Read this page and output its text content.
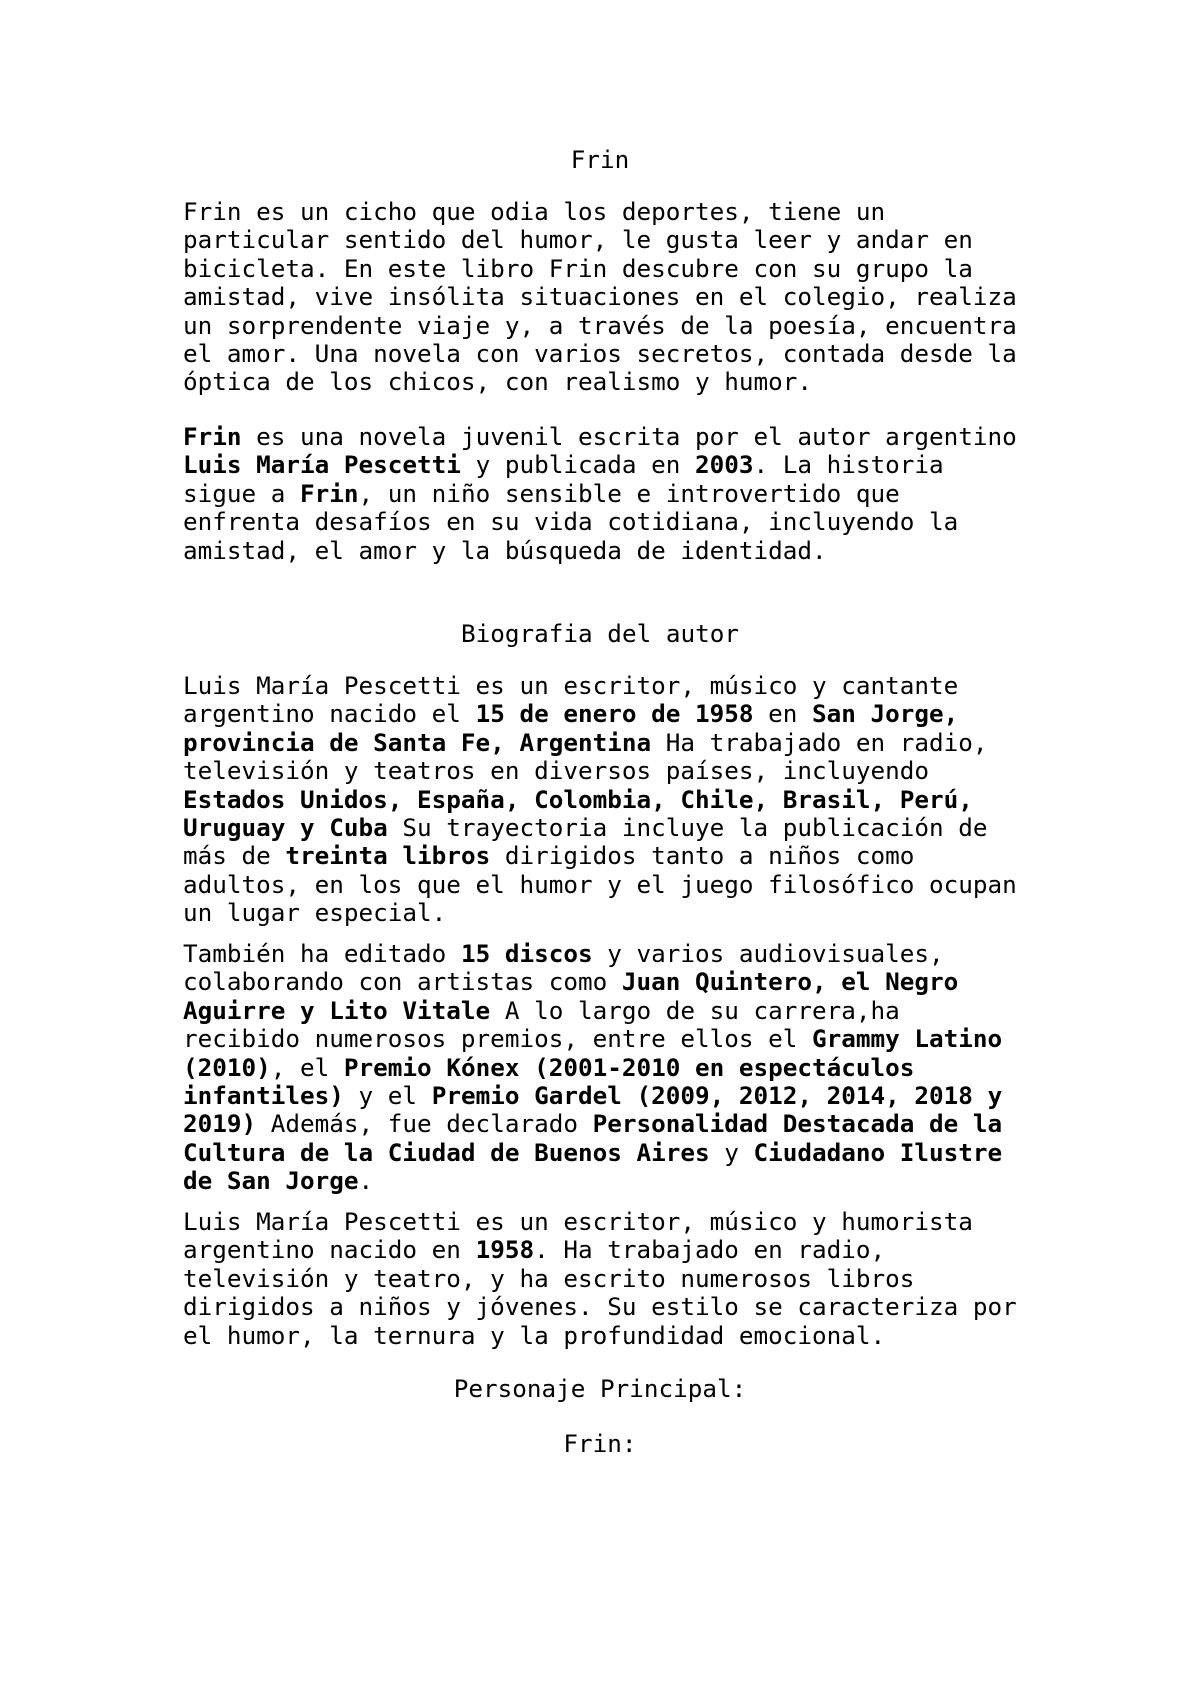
Frin
Frin es un cicho que odia los deportes, tiene un
particular sentido del humor, le gusta leer y andar en
bicicleta. En este libro Frin descubre con su grupo la
amistad, vive insólita situaciones en el colegio, realiza
un sorprendente viaje y, a través de la poesía, encuentra
el amor. Una novela con varios secretos, contada desde la
óptica de los chicos, con realismo y humor.
Frin es una novela juvenil escrita por el autor argentino
Luis María Pescetti y publicada en 2003. La historia
sigue a Frin, un niño sensible e introvertido que
enfrenta desafíos en su vida cotidiana, incluyendo la
amistad, el amor y la búsqueda de identidad.
Biografia del autor
Luis María Pescetti es un escritor, músico y cantante
argentino nacido el 15 de enero de 1958 en San Jorge,
provincia de Santa Fe, Argentina Ha trabajado en radio,
televisión y teatros en diversos países, incluyendo
Estados Unidos, España, Colombia, Chile, Brasil, Perú,
Uruguay y Cuba Su trayectoria incluye la publicación de
más de treinta libros dirigidos tanto a niños como
adultos, en los que el humor y el juego filosófico ocupan
un lugar especial.
También ha editado 15 discos y varios audiovisuales,
colaborando con artistas como Juan Quintero, el Negro
Aguirre y Lito Vitale A lo largo de su carrera,ha
recibido numerosos premios, entre ellos el Grammy Latino
(2010), el Premio Kónex (2001-2010 en espectáculos
infantiles) y el Premio Gardel (2009, 2012, 2014, 2018 y
2019) Además, fue declarado Personalidad Destacada de la
Cultura de la Ciudad de Buenos Aires y Ciudadano Ilustre
de San Jorge.
Luis María Pescetti es un escritor, músico y humorista
argentino nacido en 1958. Ha trabajado en radio,
televisión y teatro, y ha escrito numerosos libros
dirigidos a niños y jóvenes. Su estilo se caracteriza por
el humor, la ternura y la profundidad emocional.
Personaje Principal:
Frin:
